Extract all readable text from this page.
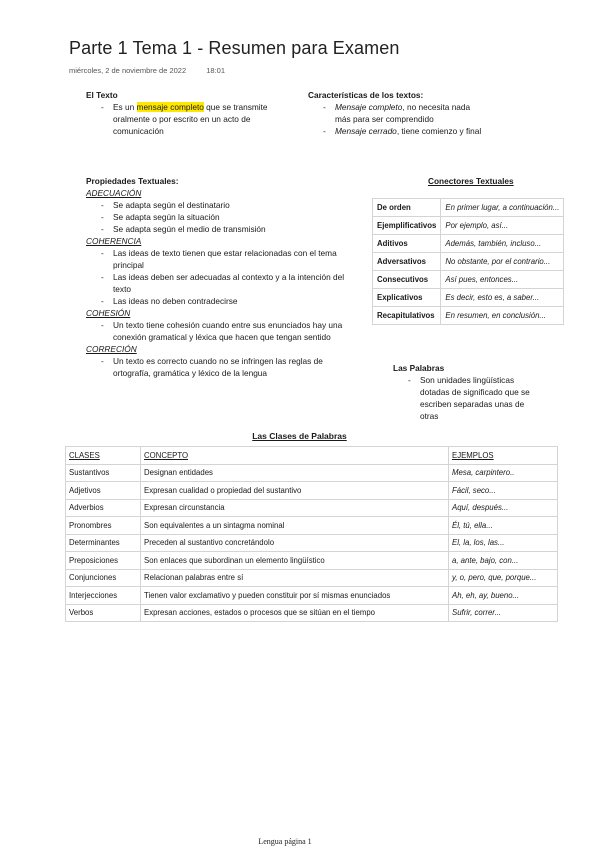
Parte 1 Tema 1 - Resumen para Examen
miércoles, 2 de noviembre de 2022	18:01
El Texto
- Es un mensaje completo que se transmite oralmente o por escrito en un acto de comunicación
Características de los textos:
- Mensaje completo, no necesita nada más para ser comprendido
- Mensaje cerrado, tiene comienzo y final
Propiedades Textuales:
ADECUACIÓN
- Se adapta según el destinatario
- Se adapta según la situación
- Se adapta según el medio de transmisión
COHERENCIA
- Las ideas de texto tienen que estar relacionadas con el tema principal
- Las ideas deben ser adecuadas al contexto y a la intención del texto
- Las ideas no deben contradecirse
COHESIÓN
- Un texto tiene cohesión cuando entre sus enunciados hay una conexión gramatical y léxica que hacen que tengan sentido
CORRECIÓN
- Un texto es correcto cuando no se infringen las reglas de ortografía, gramática y léxico de la lengua
Conectores Textuales
De orden	En primer lugar, a continuación...
Ejemplificativos	Por ejemplo, así...
Aditivos	Además, también, incluso...
Adversativos	No obstante, por el contrario...
Consecutivos	Así pues, entonces...
Explicativos	Es decir, esto es, a saber...
Recapitulativos	En resumen, en conclusión...
Las Palabras
- Son unidades lingüísticas dotadas de significado que se escriben separadas unas de otras
Las Clases de Palabras
CLASES	CONCEPTO	EJEMPLOS
Sustantivos	Designan entidades	Mesa, carpintero..
Adjetivos	Expresan cualidad o propiedad del sustantivo	Fácil, seco...
Adverbios	Expresan circunstancia	Aquí, después...
Pronombres	Son equivalentes a un sintagma nominal	Él, tú, ella...
Determinantes	Preceden al sustantivo concretándolo	El, la, los, las...
Preposiciones	Son enlaces que subordinan un elemento lingüístico	a, ante, bajo, con...
Conjunciones	Relacionan palabras entre sí	y, o, pero, que, porque...
Interjecciones	Tienen valor exclamativo y pueden constituir por sí mismas enunciados	Ah, eh, ay, bueno...
Verbos	Expresan acciones, estados o procesos que se sitúan en el tiempo	Sufrir, correr...
Lengua página 1
